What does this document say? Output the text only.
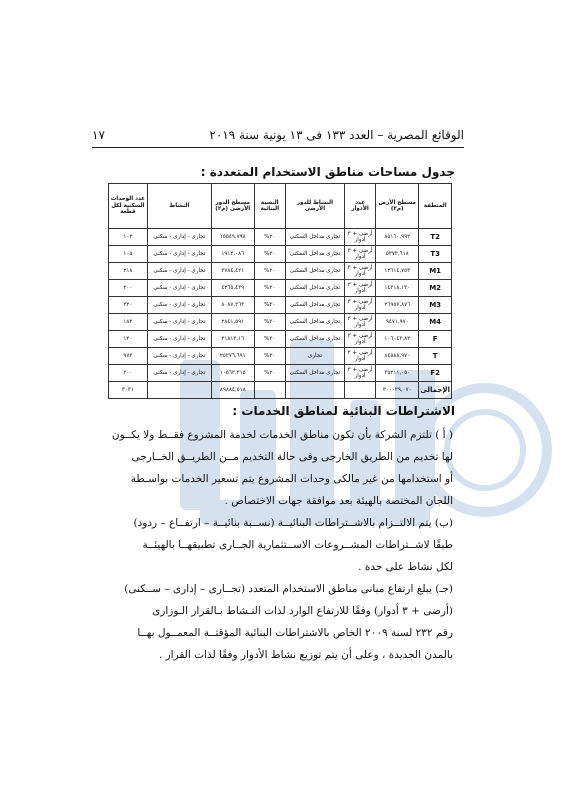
الوقائع المصرية – العدد ١٣٣ فى ١٣ يونية سنة ٢٠١٩
١٧
جدول مساحات مناطق الاستخدام المتعددة :
المنطقة	مسطح الأرض (م٢)	عدد الأدوار	النشاط للدور الأرضى	النسبة البنائية	مسطح الدور الأرضى (م٢)	النشاط	عدد الوحدات السكنية لكل قطعة
T2	٨٥١٦٠,٩٩٣	أرضى + ٣ أدوار	تجارى مداخل السكنى	٣٠%	١٥٥٤٩,٧٩٨	تجارى - إدارى - سكنى	١٠٣
T3	٥٣٧٣,٦١٨	أرضى + ٣ أدوار	تجارى مداخل السكنى	٣٠%	١٩١٢,٠٨٦	تجارى - إدارى - سكنى	١٠٥
M1	١٢٦١٤,٧٥٣	أرضى + ٣ أدوار	تجارى مداخل السكنى	٣٠%	٣٧٨٤,٤٢١	تجارى - إدارى - سكنى	٢١٨
M2	١٤٢١٨,١٣٠	أرضى + ٣ أدوار	تجارى مداخل السكنى	٣٠%	٤٢٦٥,٤٣٩	تجارى - إدارى - سكنى	٢٠٠
M3	٢٦٩٥٧,٨٧٦	أرضى + ٣ أدوار	تجارى مداخل السكنى	٣٠%	٨٠٨٧,٣٦٣	تجارى - إدارى - سكنى	٣٢٠
M4	٩٤٧١,٩٧٠	أرضى + ٣ أدوار	تجارى مداخل السكنى	٣٠%	٢٨٤١,٥٩١	تجارى - إدارى - سكنى	١٨٢
F	١٠٦٠٤٣,٨٣	أرضى + ٣ أدوار	تجارى مداخل السكنى	٣٠%	٣١٨١٣,١٦	تجارى - إدارى - سكنى	١٣٠
T	٨٤٥٨٨,٩٧٠	أرضى + ٣ أدوار	تجارى	٣٠%	٢٥٣٧٦,٦٩١	تجارى - إدارى - سكنى	٩٧٣
F2	٣٥٢١١,٠٥٠	أرضى + ٣ أدوار	تجارى مداخل السكنى	٣٠%	١٠٥٦٣,٣١٥	تجارى - إدارى - سكنى	٣٠٠
الإجمالى	٣٠٠٠٣٩,٠٧٠				٨٩٨٨٤,٥١٨		٣٠٣١
الاشتراطات البنائية لمناطق الخدمات :
( أ ) تلتزم الشركة بأن تكون مناطق الخدمات لخدمة المشروع فقــط ولا يكــون
لها تخديم من الطريق الخارجى وفى حالة التخديم مــن الطريــق الخــارجى
أو استخدامها من غير مالكى وحدات المشروع يتم تسعير الخدمات بواسـطة
اللجان المختصة بالهيئة بعد موافقة جهات الاختصاص .
(ب) يتم الالتــزام بالاشــتراطات البنائيــة (نســبة بنائيــة – ارتفــاع – ردود)
طبقًا لاشــتراطات المشــروعات الاســتثمارية الجــارى تطبيقهــا بالهيئــة
لكل نشاط على حدة .
(جـ) يبلغ ارتفاع مبانى مناطق الاستخدام المتعدد (تجــارى – إدارى – ســكنى)
(أرضى + ٣ أدوار) وفقًا للارتفاع الوارد لذات النـشاط بـالقرار الـوزارى
رقم ٢٣٢ لسنة ٢٠٠٩ الخاص بالاشتراطات البنائية المؤقتــة المعمــول بهــا
بالمدن الجديدة ، وعلى أن يتم توزيع نشاط الأدوار وفقًا لذات القرار .
